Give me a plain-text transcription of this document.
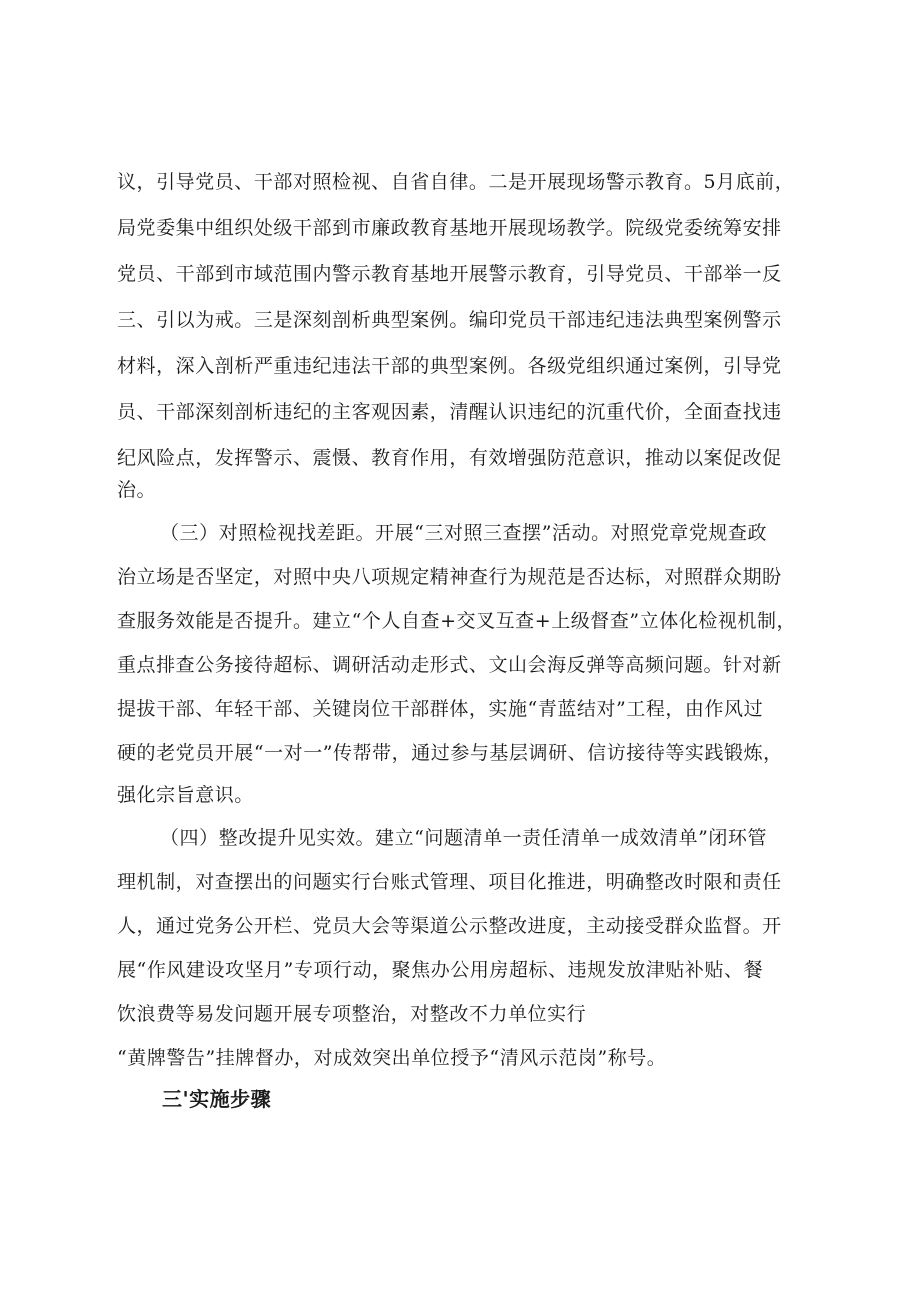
议，引导党员、干部对照检视、自省自律。二是开展现场警示教育。5月底前，
局党委集中组织处级干部到市廉政教育基地开展现场教学。院级党委统筹安排
党员、干部到市域范围内警示教育基地开展警示教育，引导党员、干部举一反
三、引以为戒。三是深刻剖析典型案例。编印党员干部违纪违法典型案例警示
材料，深入剖析严重违纪违法干部的典型案例。各级党组织通过案例，引导党
员、干部深刻剖析违纪的主客观因素，清醒认识违纪的沉重代价，全面查找违
纪风险点，发挥警示、震慑、教育作用，有效增强防范意识，推动以案促改促
治。
（三）对照检视找差距。开展“三对照三查摆”活动。对照党章党规查政
治立场是否坚定，对照中央八项规定精神查行为规范是否达标，对照群众期盼
查服务效能是否提升。建立“个人自查+交叉互查+上级督查”立体化检视机制，
重点排查公务接待超标、调研活动走形式、文山会海反弹等高频问题。针对新
提拔干部、年轻干部、关键岗位干部群体，实施“青蓝结对”工程，由作风过
硬的老党员开展“一对一”传帮带，通过参与基层调研、信访接待等实践锻炼，
强化宗旨意识。
（四）整改提升见实效。建立“问题清单一责任清单一成效清单”闭环管
理机制，对查摆出的问题实行台账式管理、项目化推进，明确整改时限和责任
人，通过党务公开栏、党员大会等渠道公示整改进度，主动接受群众监督。开
展“作风建设攻坚月”专项行动，聚焦办公用房超标、违规发放津贴补贴、餐
饮浪费等易发问题开展专项整治，对整改不力单位实行
“黄牌警告”挂牌督办，对成效突出单位授予“清风示范岗”称号。
三'实施步骤
